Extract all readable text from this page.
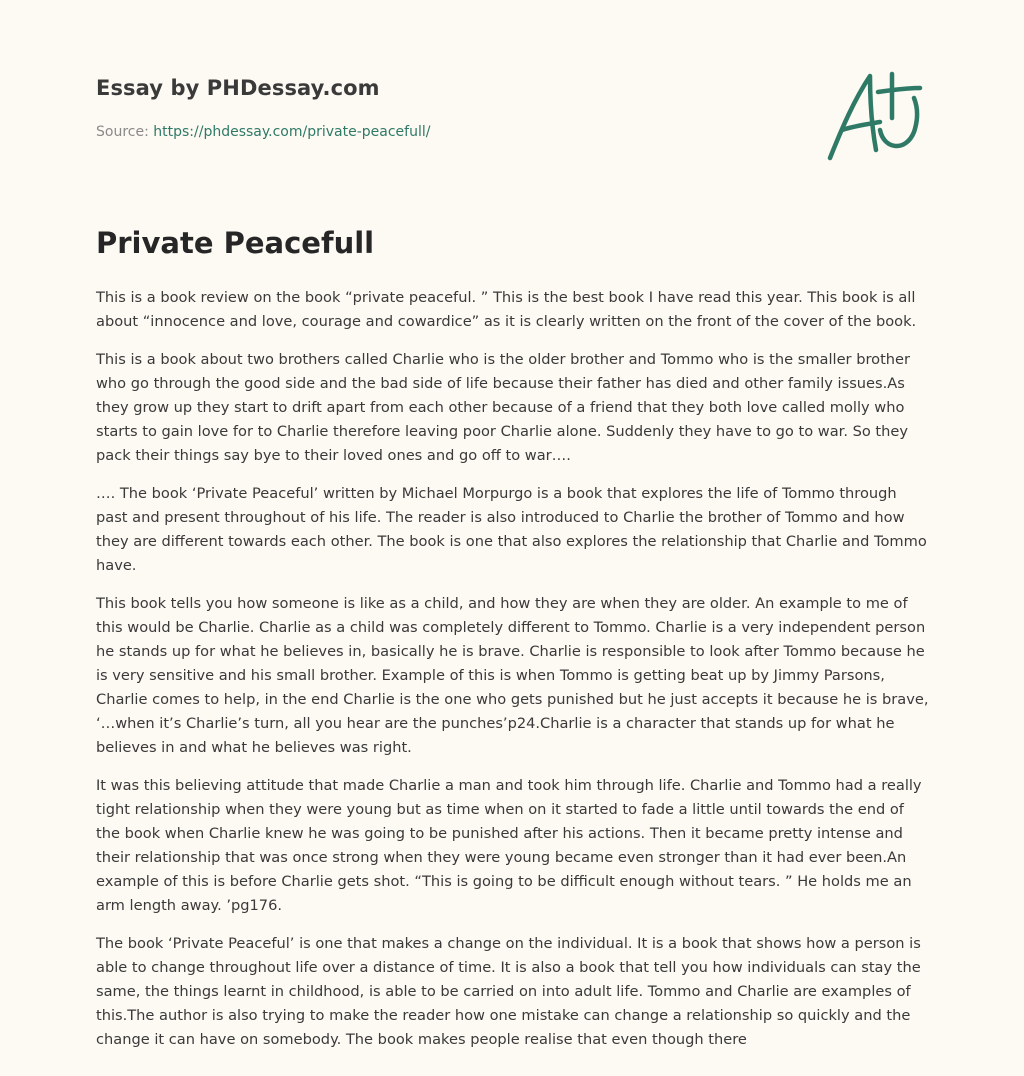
Essay by PHDessay.com
Source: https://phdessay.com/private-peacefull/
Private Peacefull

This is a book review on the book “private peaceful. ” This is the best book I have read this year. This book is all about “innocence and love, courage and cowardice” as it is clearly written on the front of the cover of the book.

This is a book about two brothers called Charlie who is the older brother and Tommo who is the smaller brother who go through the good side and the bad side of life because their father has died and other family issues.As they grow up they start to drift apart from each other because of a friend that they both love called molly who starts to gain love for to Charlie therefore leaving poor Charlie alone. Suddenly they have to go to war. So they pack their things say bye to their loved ones and go off to war….

…. The book ‘Private Peaceful’ written by Michael Morpurgo is a book that explores the life of Tommo through past and present throughout of his life. The reader is also introduced to Charlie the brother of Tommo and how they are different towards each other. The book is one that also explores the relationship that Charlie and Tommo have.

This book tells you how someone is like as a child, and how they are when they are older. An example to me of this would be Charlie. Charlie as a child was completely different to Tommo. Charlie is a very independent person he stands up for what he believes in, basically he is brave. Charlie is responsible to look after Tommo because he is very sensitive and his small brother. Example of this is when Tommo is getting beat up by Jimmy Parsons, Charlie comes to help, in the end Charlie is the one who gets punished but he just accepts it because he is brave, ‘…when it’s Charlie’s turn, all you hear are the punches’p24.Charlie is a character that stands up for what he believes in and what he believes was right.

It was this believing attitude that made Charlie a man and took him through life. Charlie and Tommo had a really tight relationship when they were young but as time when on it started to fade a little until towards the end of the book when Charlie knew he was going to be punished after his actions. Then it became pretty intense and their relationship that was once strong when they were young became even stronger than it had ever been.An example of this is before Charlie gets shot. “This is going to be difficult enough without tears. ” He holds me an arm length away. ’pg176.

The book ‘Private Peaceful’ is one that makes a change on the individual. It is a book that shows how a person is able to change throughout life over a distance of time. It is also a book that tell you how individuals can stay the same, the things learnt in childhood, is able to be carried on into adult life. Tommo and Charlie are examples of this.The author is also trying to make the reader how one mistake can change a relationship so quickly and the change it can have on somebody. The book makes people realise that even though there
